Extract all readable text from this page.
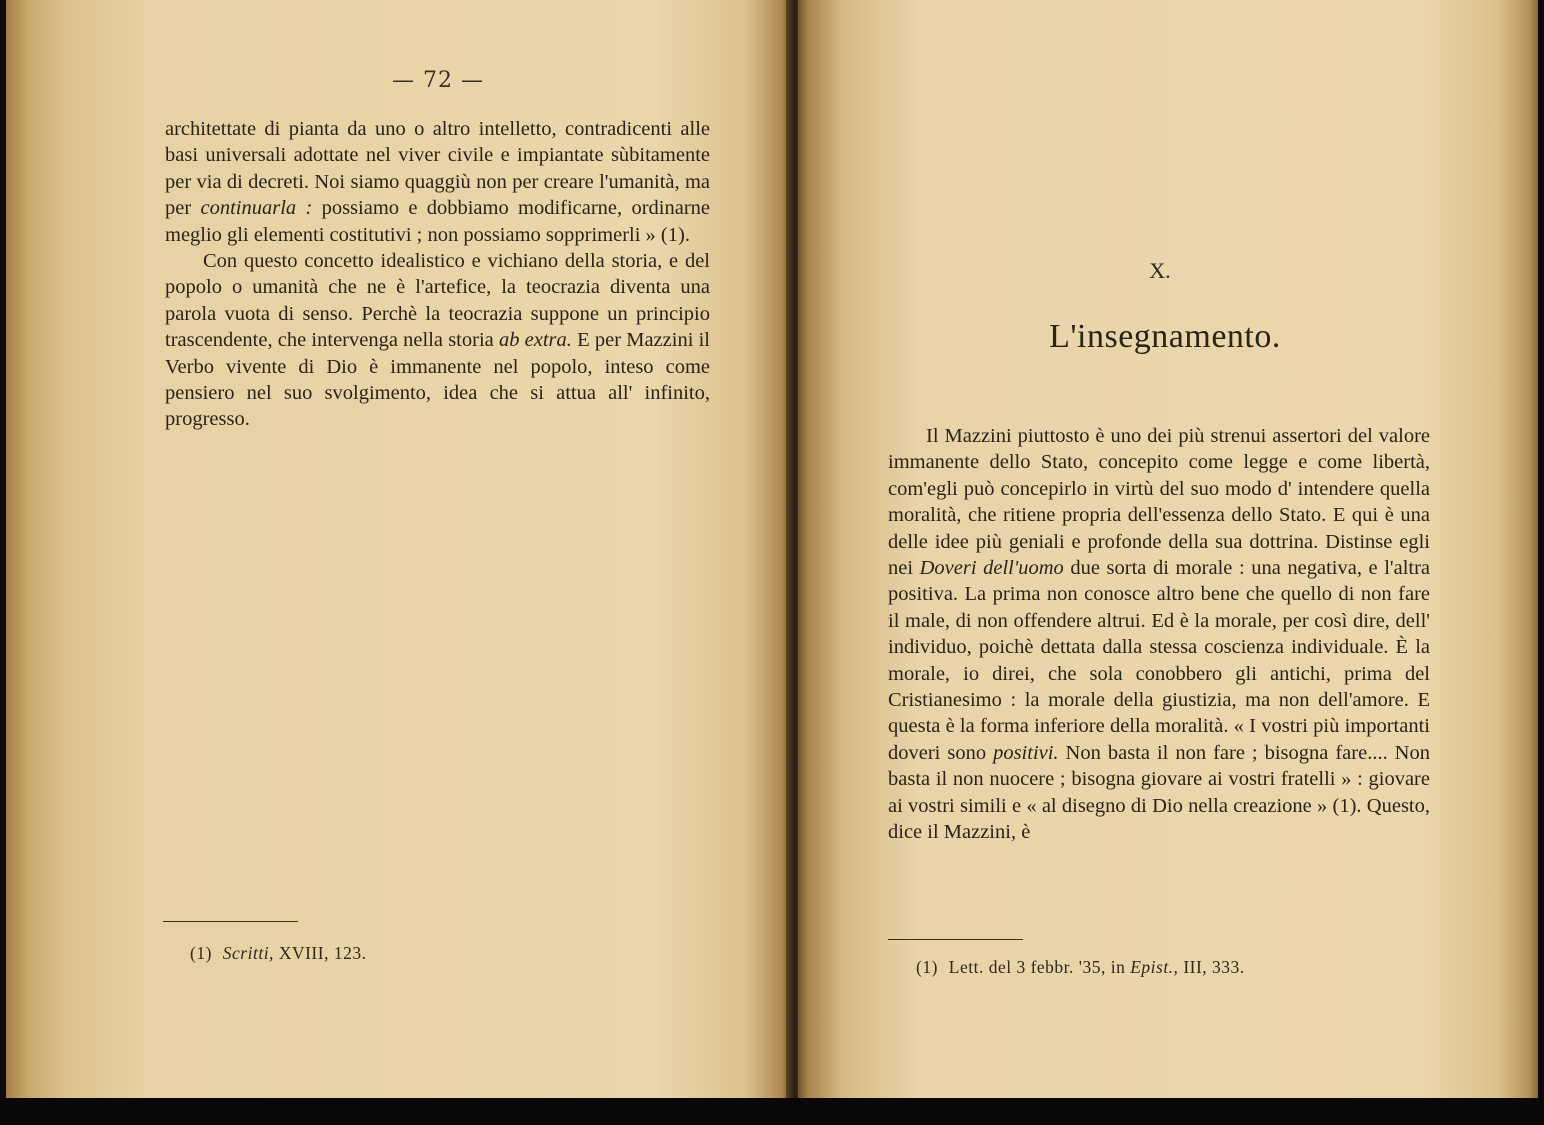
— 72 —

architettate di pianta da uno o altro intelletto, contradicenti alle basi universali adottate nel viver civile e impiantate sùbitamente per via di decreti. Noi siamo quaggiù non per creare l'umanità, ma per continuarla : possiamo e dobbiamo modificarne, ordinarne meglio gli elementi costitutivi ; non possiamo sopprimerli » (1).

Con questo concetto idealistico e vichiano della storia, e del popolo o umanità che ne è l'artefice, la teocrazia diventa una parola vuota di senso. Perchè la teocrazia suppone un principio trascendente, che intervenga nella storia ab extra. E per Mazzini il Verbo vivente di Dio è immanente nel popolo, inteso come pensiero nel suo svolgimento, idea che si attua all' infinito, progresso.

(1) Scritti, XVIII, 123.
X.
L'insegnamento.

Il Mazzini piuttosto è uno dei più strenui assertori del valore immanente dello Stato, concepito come legge e come libertà, com'egli può concepirlo in virtù del suo modo d' intendere quella moralità, che ritiene propria dell'essenza dello Stato. E qui è una delle idee più geniali e profonde della sua dottrina. Distinse egli nei Doveri dell'uomo due sorta di morale : una negativa, e l'altra positiva. La prima non conosce altro bene che quello di non fare il male, di non offendere altrui. Ed è la morale, per così dire, dell' individuo, poichè dettata dalla stessa coscienza individuale. È la morale, io direi, che sola conobbero gli antichi, prima del Cristianesimo : la morale della giustizia, ma non dell'amore. E questa è la forma inferiore della moralità. « I vostri più importanti doveri sono positivi. Non basta il non fare ; bisogna fare.... Non basta il non nuocere ; bisogna giovare ai vostri fratelli » : giovare ai vostri simili e « al disegno di Dio nella creazione » (1). Questo, dice il Mazzini, è

(1) Lett. del 3 febbr. '35, in Epist., III, 333.
